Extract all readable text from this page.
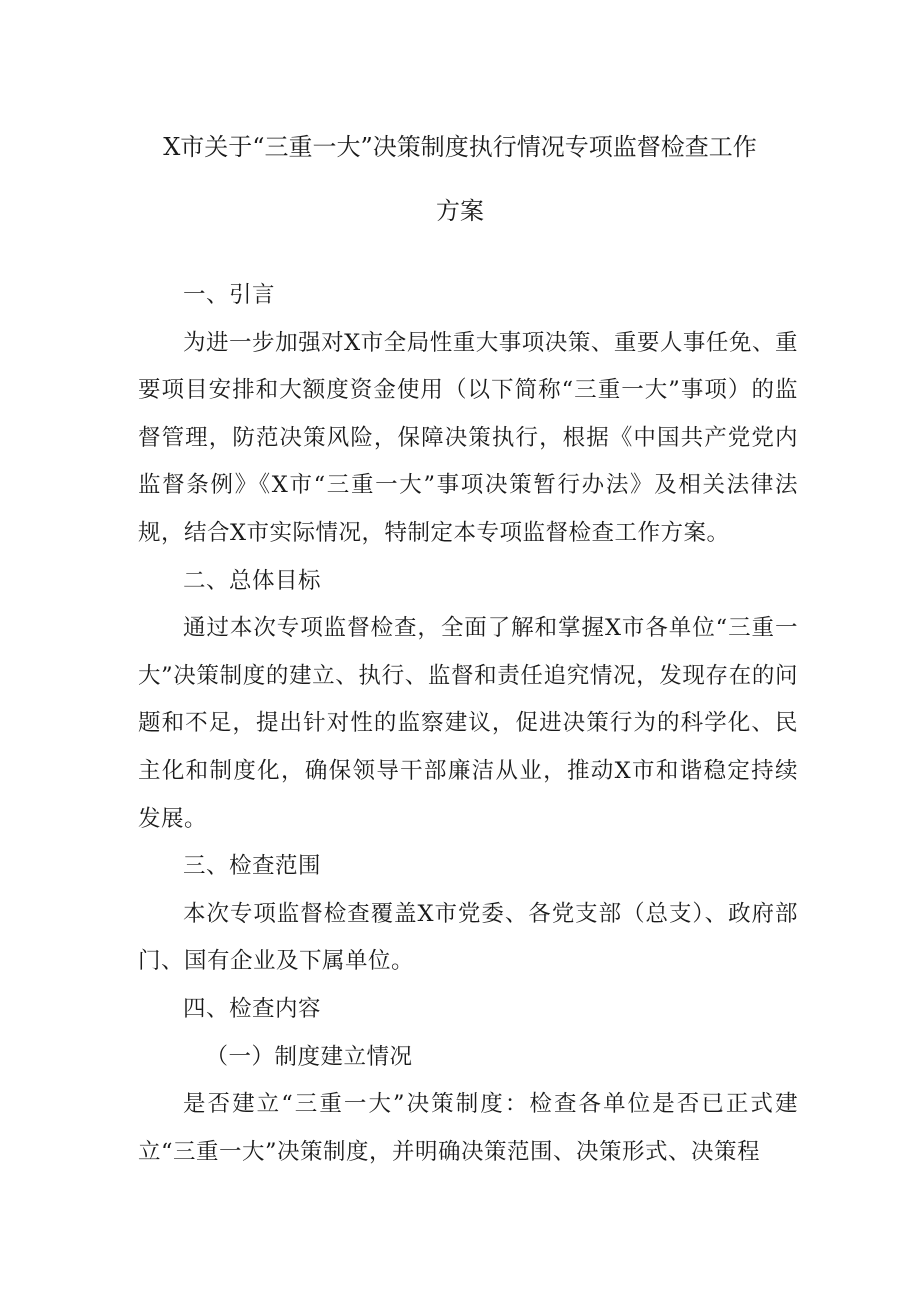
X市关于“三重一大”决策制度执行情况专项监督检查工作
方案

一、引言

为进一步加强对X市全局性重大事项决策、重要人事任免、重要项目安排和大额度资金使用（以下简称“三重一大”事项）的监督管理，防范决策风险，保障决策执行，根据《中国共产党党内监督条例》《X市“三重一大”事项决策暂行办法》及相关法律法规，结合X市实际情况，特制定本专项监督检查工作方案。

二、总体目标

通过本次专项监督检查，全面了解和掌握X市各单位“三重一大”决策制度的建立、执行、监督和责任追究情况，发现存在的问题和不足，提出针对性的监察建议，促进决策行为的科学化、民主化和制度化，确保领导干部廉洁从业，推动X市和谐稳定持续发展。

三、检查范围

本次专项监督检查覆盖X市党委、各党支部（总支）、政府部门、国有企业及下属单位。

四、检查内容

（一）制度建立情况

是否建立“三重一大”决策制度：检查各单位是否已正式建立“三重一大”决策制度，并明确决策范围、决策形式、决策程
